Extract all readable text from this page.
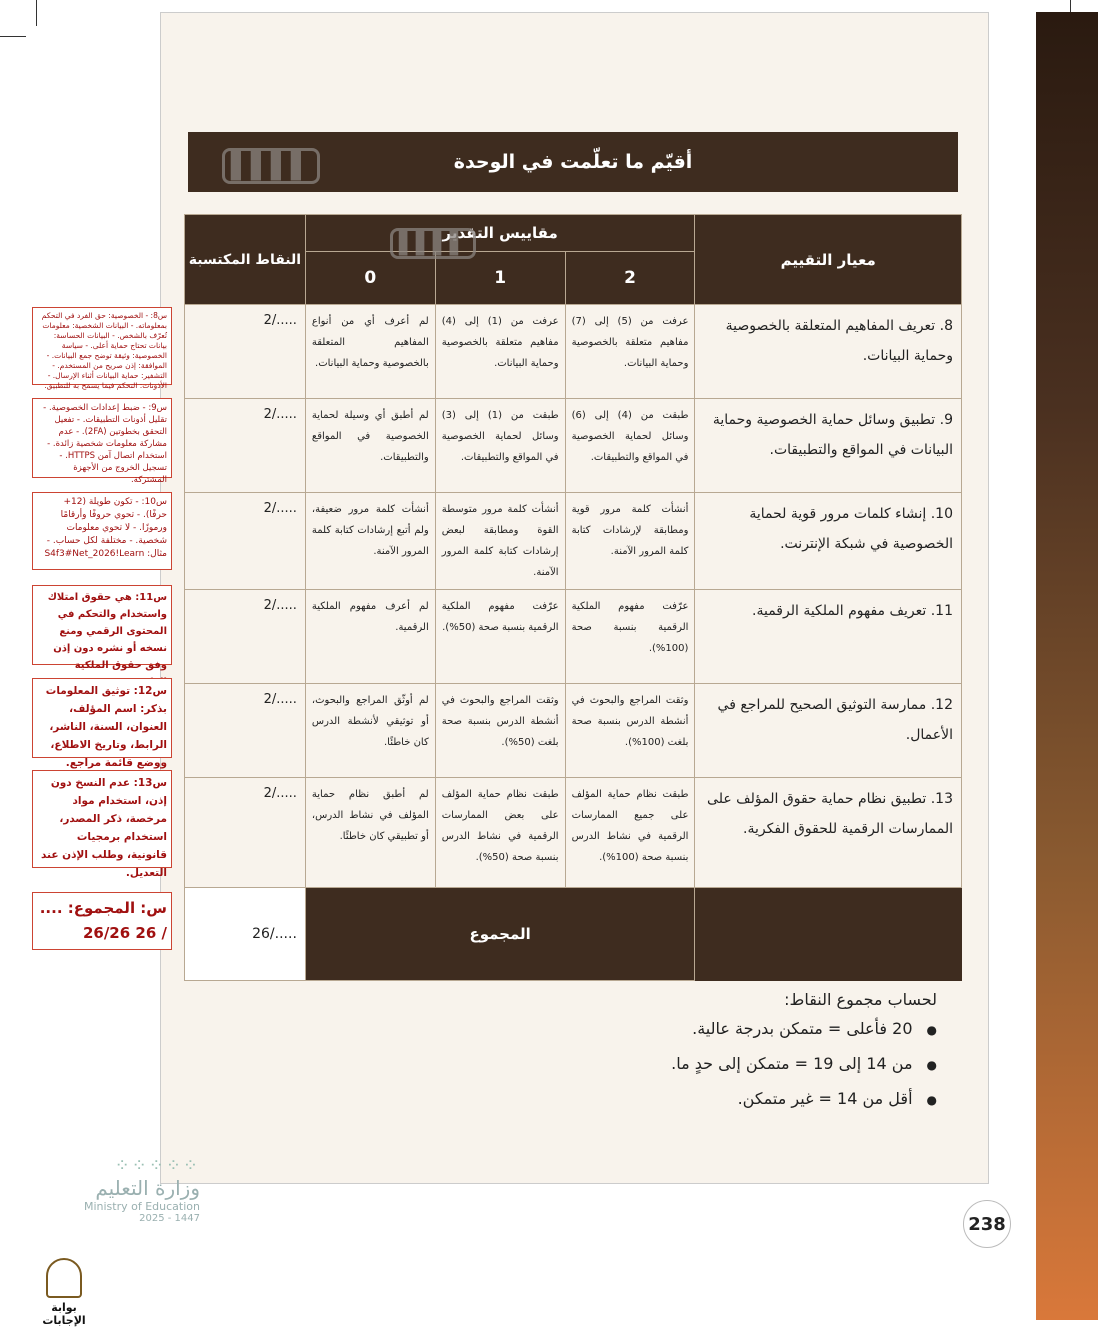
أقيّم ما تعلّمت في الوحدة
▌▌▌▌
معيار التقييم	مقاييس التقدير			النقاط المكتسبة
	2	1	0	
8. تعريف المفاهيم المتعلقة بالخصوصية وحماية البيانات.	عرفت من (5) إلى (7) مفاهيم متعلقة بالخصوصية وحماية البيانات.	عرفت من (1) إلى (4) مفاهيم متعلقة بالخصوصية وحماية البيانات.	لم أعرف أي من أنواع المفاهيم المتعلقة بالخصوصية وحماية البيانات.	...../2
9. تطبيق وسائل حماية الخصوصية وحماية البيانات في المواقع والتطبيقات.	طبقت من (4) إلى (6) وسائل لحماية الخصوصية في المواقع والتطبيقات.	طبقت من (1) إلى (3) وسائل لحماية الخصوصية في المواقع والتطبيقات.	لم أطبق أي وسيلة لحماية الخصوصية في المواقع والتطبيقات.	...../2
10. إنشاء كلمات مرور قوية لحماية الخصوصية في شبكة الإنترنت.	أنشأت كلمة مرور قوية ومطابقة لإرشادات كتابة كلمة المرور الآمنة.	أنشأت كلمة مرور متوسطة القوة ومطابقة لبعض إرشادات كتابة كلمة المرور الآمنة.	أنشأت كلمة مرور ضعيفة، ولم أتبع إرشادات كتابة كلمة المرور الآمنة.	...../2
11. تعريف مفهوم الملكية الرقمية.	عرّفت مفهوم الملكية الرقمية بنسبة صحة (100%).	عرّفت مفهوم الملكية الرقمية بنسبة صحة (50%).	لم أعرف مفهوم الملكية الرقمية.	...../2
12. ممارسة التوثيق الصحيح للمراجع في الأعمال.	وثقت المراجع والبحوث في أنشطة الدرس بنسبة صحة بلغت (100%).	وثقت المراجع والبحوث في أنشطة الدرس بنسبة صحة بلغت (50%).	لم أوثّق المراجع والبحوث، أو توثيقي لأنشطة الدرس كان خاطئًا.	...../2
13. تطبيق نظام حماية حقوق المؤلف على الممارسات الرقمية للحقوق الفكرية.	طبقت نظام حماية المؤلف على جميع الممارسات الرقمية في نشاط الدرس بنسبة صحة (100%).	طبقت نظام حماية المؤلف على بعض الممارسات الرقمية في نشاط الدرس بنسبة صحة (50%).	لم أطبق نظام حماية المؤلف في نشاط الدرس، أو تطبيقي كان خاطئًا.	...../2
	المجموع			...../26
▌▌▌▌
س8: - الخصوصية: حق الفرد في التحكم بمعلوماته. - البيانات الشخصية: معلومات تُعرّف بالشخص. - البيانات الحساسة: بيانات تحتاج حماية أعلى. - سياسة الخصوصية: وثيقة توضح جمع البيانات. - الموافقة: إذن صريح من المستخدم. - التشفير: حماية البيانات أثناء الإرسال. - الأذونات: التحكم فيما يسمح به للتطبيق.
س9: - ضبط إعدادات الخصوصية. - تقليل أذونات التطبيقات. - تفعيل التحقق بخطوتين (2FA). - عدم مشاركة معلومات شخصية زائدة. - استخدام اتصال آمن HTTPS. - تسجيل الخروج من الأجهزة المشتركة.
س10: - تكون طويلة (12+ حرفًا). - تحوي حروفًا وأرقامًا ورموزًا. - لا تحوي معلومات شخصية. - مختلفة لكل حساب. - مثال: S4f3#Net_2026!Learn
س11: هي حقوق امتلاك واستخدام والتحكم في المحتوى الرقمي ومنع نسخه أو نشره دون إذن وفق حقوق الملكية
س12: توثيق المعلومات بذكر: اسم المؤلف، العنوان، السنة، الناشر، الرابط، وتاريخ الاطلاع، ووضع قائمة مراجع.
س13: عدم النسخ دون إذن، استخدام مواد مرخصة، ذكر المصدر، استخدام برمجيات قانونية، وطلب الإذن عند التعديل.
س: المجموع: .... / 26 26/26
لحساب مجموع النقاط:
● 20 فأعلى = متمكن بدرجة عالية.
● من 14 إلى 19 = متمكن إلى حدٍ ما.
● أقل من 14 = غير متمكن.
238
⁘⁘⁘⁘⁘
وزارة التعليم
Ministry of Education
2025 - 1447
بوابة الإجابات
